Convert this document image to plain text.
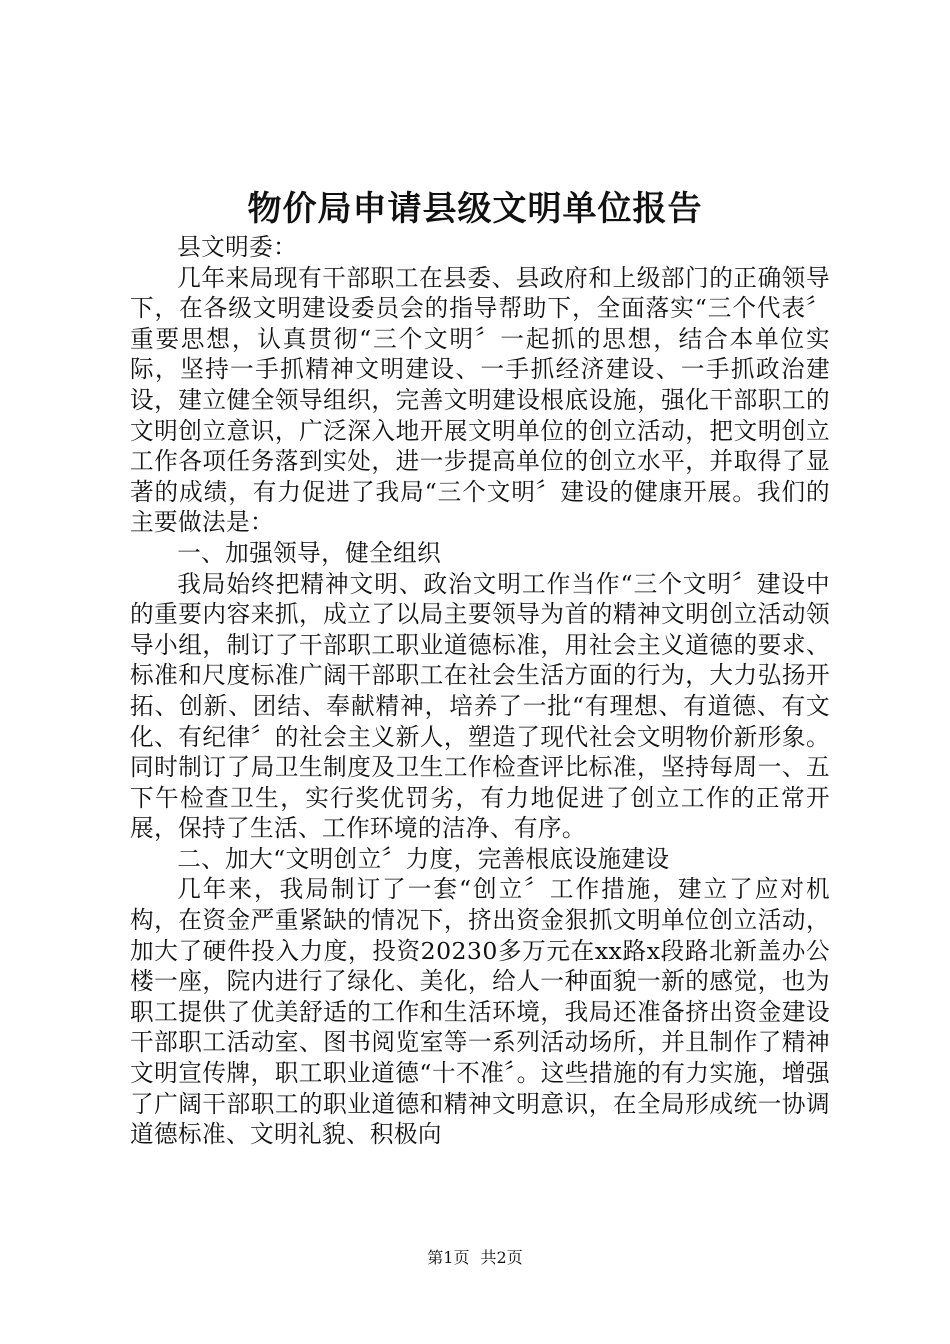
物价局申请县级文明单位报告

县文明委：

几年来局现有干部职工在县委、县政府和上级部门的正确领导下，在各级文明建设委员会的指导帮助下，全面落实“三个代表〞重要思想，认真贯彻“三个文明〞一起抓的思想，结合本单位实际，坚持一手抓精神文明建设、一手抓经济建设、一手抓政治建设，建立健全领导组织，完善文明建设根底设施，强化干部职工的文明创立意识，广泛深入地开展文明单位的创立活动，把文明创立工作各项任务落到实处，进一步提高单位的创立水平，并取得了显著的成绩，有力促进了我局“三个文明〞建设的健康开展。我们的主要做法是：

一、加强领导，健全组织

我局始终把精神文明、政治文明工作当作“三个文明〞建设中的重要内容来抓，成立了以局主要领导为首的精神文明创立活动领导小组，制订了干部职工职业道德标准，用社会主义道德的要求、标准和尺度标准广阔干部职工在社会生活方面的行为，大力弘扬开拓、创新、团结、奉献精神，培养了一批“有理想、有道德、有文化、有纪律〞的社会主义新人，塑造了现代社会文明物价新形象。同时制订了局卫生制度及卫生工作检查评比标准，坚持每周一、五下午检查卫生，实行奖优罚劣，有力地促进了创立工作的正常开展，保持了生活、工作环境的洁净、有序。

二、加大“文明创立〞力度，完善根底设施建设

几年来，我局制订了一套“创立〞工作措施，建立了应对机构，在资金严重紧缺的情况下，挤出资金狠抓文明单位创立活动，加大了硬件投入力度，投资20230多万元在xx路x段路北新盖办公楼一座，院内进行了绿化、美化，给人一种面貌一新的感觉，也为职工提供了优美舒适的工作和生活环境，我局还准备挤出资金建设干部职工活动室、图书阅览室等一系列活动场所，并且制作了精神文明宣传牌，职工职业道德“十不准〞。这些措施的有力实施，增强了广阔干部职工的职业道德和精神文明意识，在全局形成统一协调道德标准、文明礼貌、积极向

第1页 共2页
